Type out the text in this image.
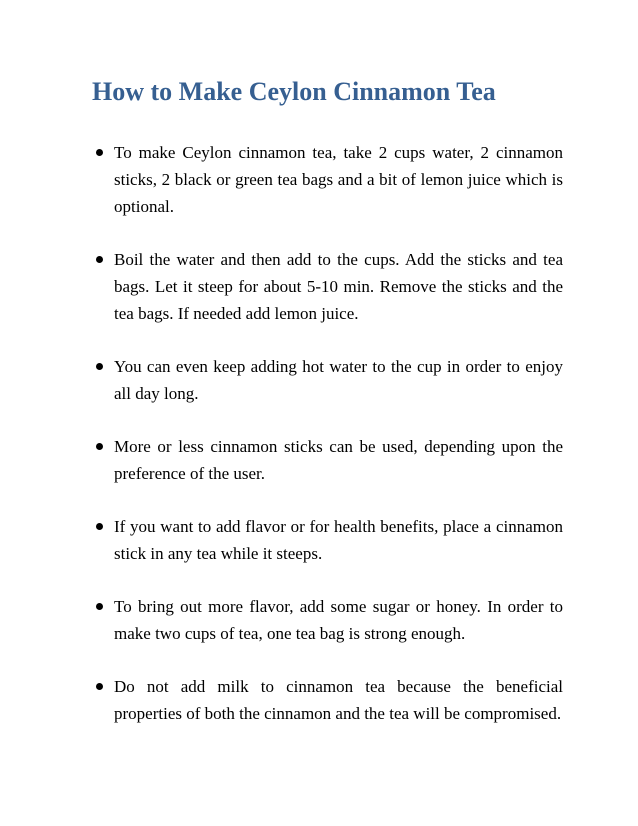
How to Make Ceylon Cinnamon Tea
To make Ceylon cinnamon tea, take 2 cups water, 2 cinnamon sticks, 2 black or green tea bags and a bit of lemon juice which is optional.
Boil the water and then add to the cups. Add the sticks and tea bags. Let it steep for about 5-10 min. Remove the sticks and the tea bags. If needed add lemon juice.
You can even keep adding hot water to the cup in order to enjoy all day long.
More or less cinnamon sticks can be used, depending upon the preference of the user.
If you want to add flavor or for health benefits, place a cinnamon stick in any tea while it steeps.
To bring out more flavor, add some sugar or honey. In order to make two cups of tea, one tea bag is strong enough.
Do not add milk to cinnamon tea because the beneficial properties of both the cinnamon and the tea will be compromised.
